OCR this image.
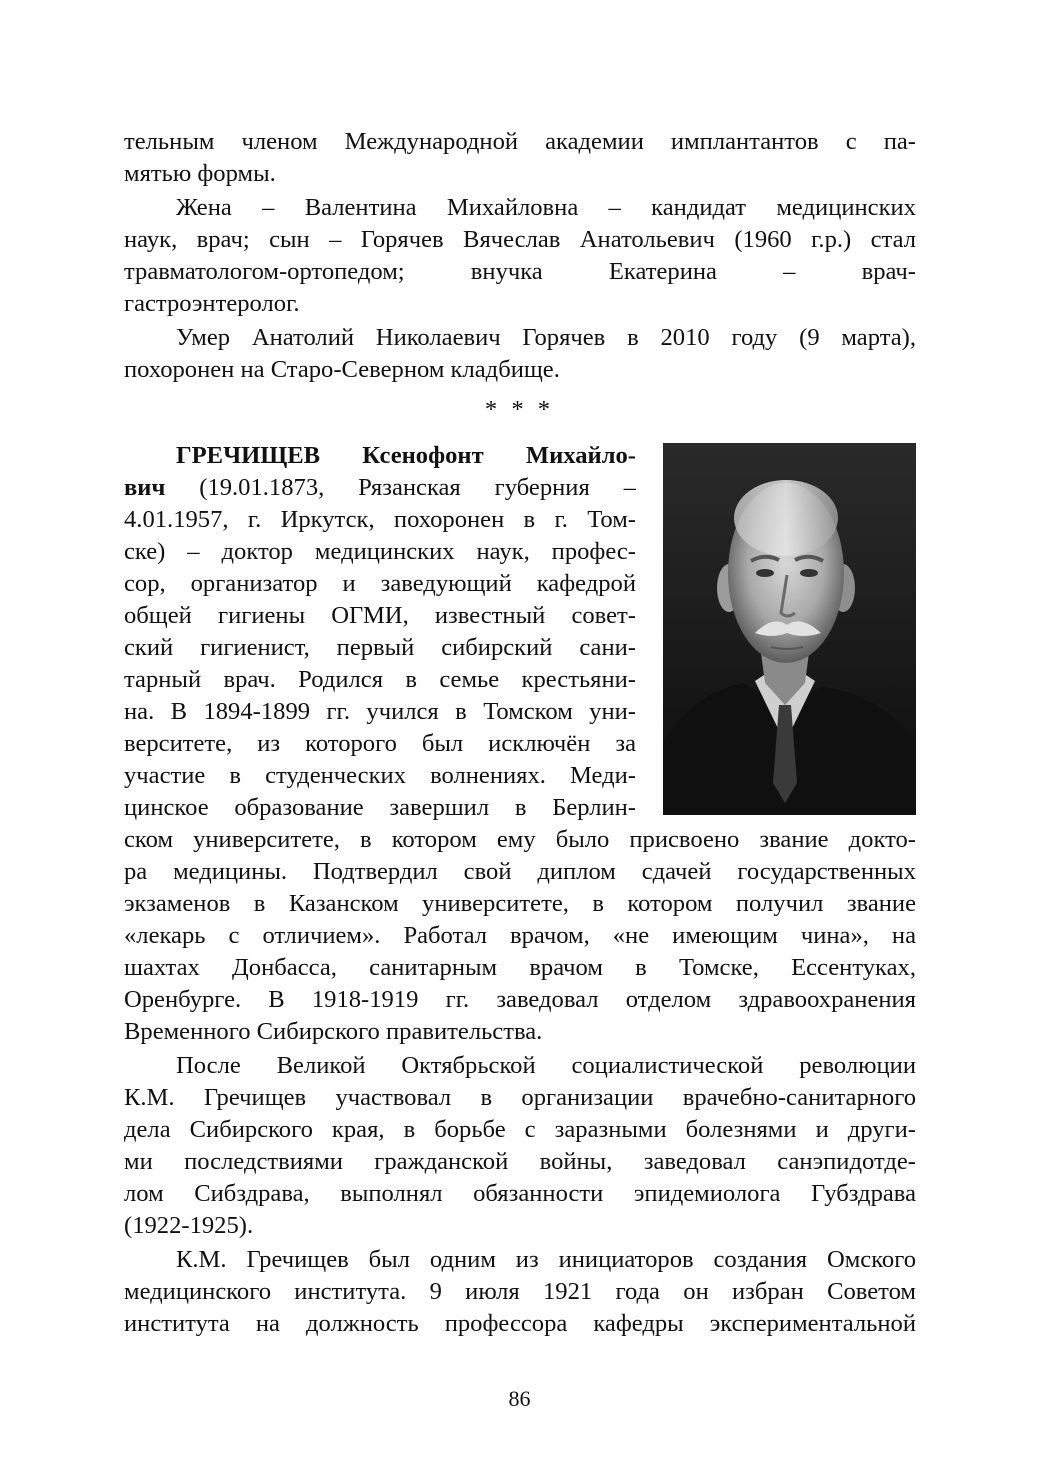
тельным членом Международной академии имплантантов с па-
мятью формы.
Жена – Валентина Михайловна – кандидат медицинских
наук, врач; сын – Горячев Вячеслав Анатольевич (1960 г.р.) стал
травматологом-ортопедом; внучка Екатерина – врач-
гастроэнтеролог.
Умер Анатолий Николаевич Горячев в 2010 году (9 марта),
похоронен на Старо-Северном кладбище.
* * *
ГРЕЧИЩЕВ Ксенофонт Михайло-
вич (19.01.1873, Рязанская губерния –
4.01.1957, г. Иркутск, похоронен в г. Том-
ске) – доктор медицинских наук, профес-
сор, организатор и заведующий кафедрой
общей гигиены ОГМИ, известный совет-
ский гигиенист, первый сибирский сани-
тарный врач. Родился в семье крестьяни-
на. В 1894-1899 гг. учился в Томском уни-
верситете, из которого был исключён за
участие в студенческих волнениях. Меди-
цинское образование завершил в Берлин-
ском университете, в котором ему было присвоено звание докто-
ра медицины. Подтвердил свой диплом сдачей государственных
экзаменов в Казанском университете, в котором получил звание
«лекарь с отличием». Работал врачом, «не имеющим чина», на
шахтах Донбасса, санитарным врачом в Томске, Ессентуках,
Оренбурге. В 1918-1919 гг. заведовал отделом здравоохранения
Временного Сибирского правительства.
После Великой Октябрьской социалистической революции
К.М. Гречищев участвовал в организации врачебно-санитарного
дела Сибирского края, в борьбе с заразными болезнями и други-
ми последствиями гражданской войны, заведовал санэпидотде-
лом Сибздрава, выполнял обязанности эпидемиолога Губздрава
(1922-1925).
К.М. Гречищев был одним из инициаторов создания Омского
медицинского института. 9 июля 1921 года он избран Советом
института на должность профессора кафедры экспериментальной
86
